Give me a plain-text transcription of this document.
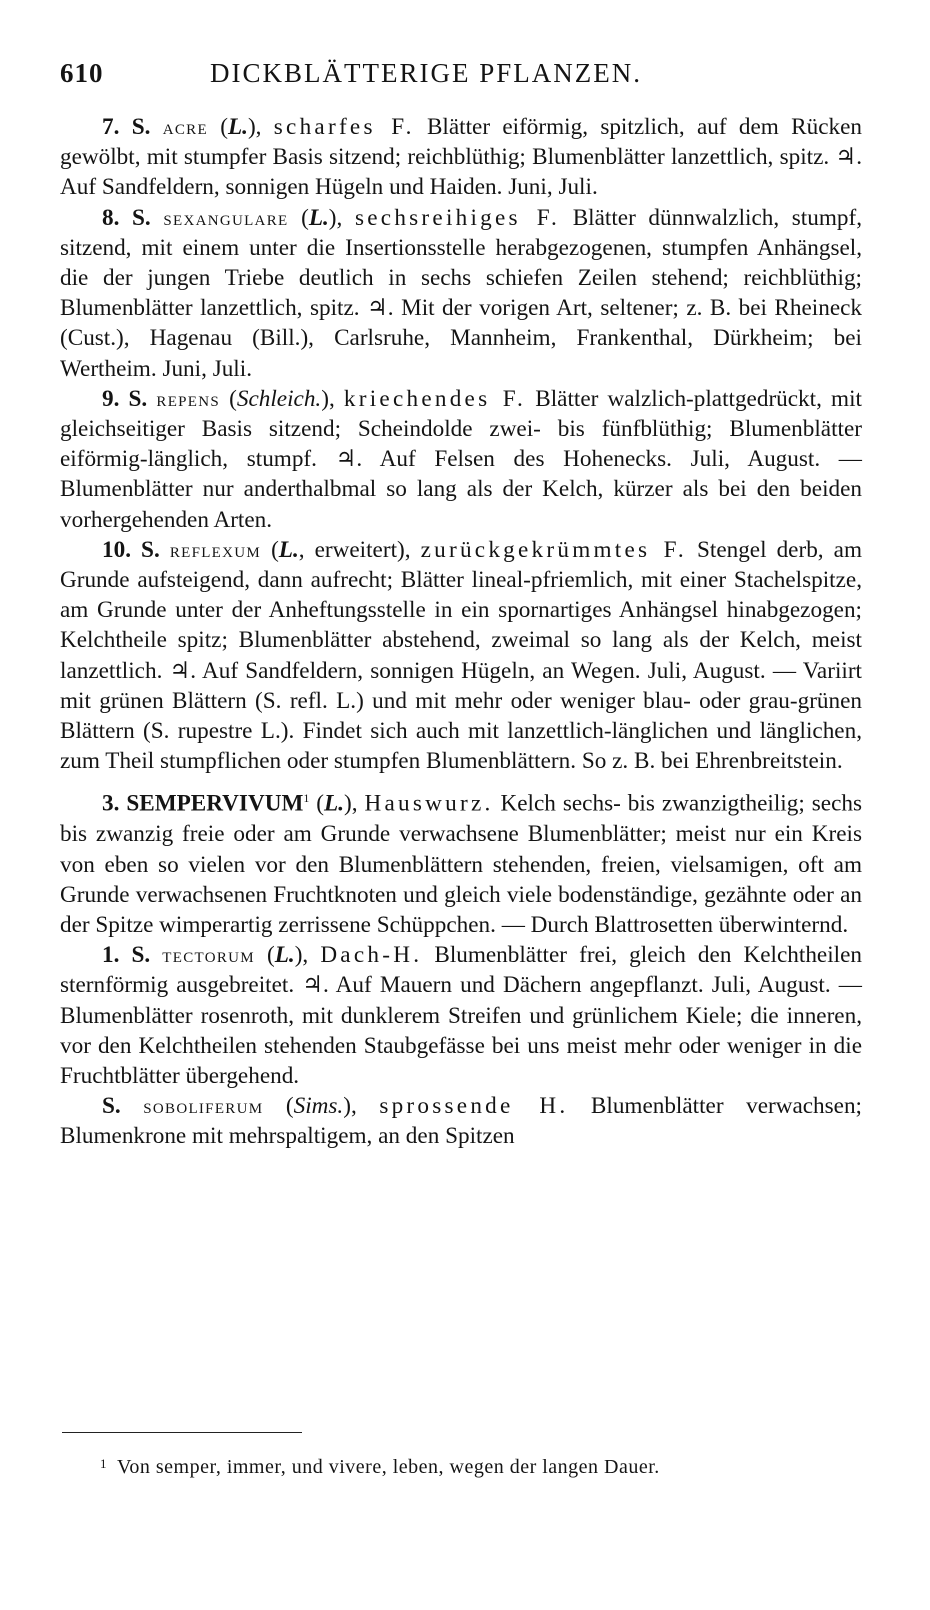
610	DICKBLÄTTERIGE PFLANZEN.

7. S. acre (L.), scharfes F. Blätter eiförmig, spitzlich, auf dem Rücken gewölbt, mit stumpfer Basis sitzend; reichblüthig; Blumenblätter lanzettlich, spitz. ♃. Auf Sandfeldern, sonnigen Hügeln und Haiden. Juni, Juli.

8. S. sexangulare (L.), sechsreihiges F. Blätter dünnwalzlich, stumpf, sitzend, mit einem unter die Insertionsstelle herabgezogenen, stumpfen Anhängsel, die der jungen Triebe deutlich in sechs schiefen Zeilen stehend; reichblüthig; Blumenblätter lanzettlich, spitz. ♃. Mit der vorigen Art, seltener; z. B. bei Rheineck (Cust.), Hagenau (Bill.), Carlsruhe, Mannheim, Frankenthal, Dürkheim; bei Wertheim. Juni, Juli.

9. S. repens (Schleich.), kriechendes F. Blätter walzlich-plattgedrückt, mit gleichseitiger Basis sitzend; Scheindolde zwei- bis fünfblüthig; Blumenblätter eiförmig-länglich, stumpf. ♃. Auf Felsen des Hohenecks. Juli, August. — Blumenblätter nur anderthalbmal so lang als der Kelch, kürzer als bei den beiden vorhergehenden Arten.

10. S. reflexum (L., erweitert), zurückgekrümmtes F. Stengel derb, am Grunde aufsteigend, dann aufrecht; Blätter lineal-pfriemlich, mit einer Stachelspitze, am Grunde unter der Anheftungsstelle in ein spornartiges Anhängsel hinabgezogen; Kelchtheile spitz; Blumenblätter abstehend, zweimal so lang als der Kelch, meist lanzettlich. ♃. Auf Sandfeldern, sonnigen Hügeln, an Wegen. Juli, August. — Variirt mit grünen Blättern (S. refl. L.) und mit mehr oder weniger blau- oder grau-grünen Blättern (S. rupestre L.). Findet sich auch mit lanzettlich-länglichen und länglichen, zum Theil stumpflichen oder stumpfen Blumenblättern. So z. B. bei Ehrenbreitstein.

3. SEMPERVIVUM$^1$ (L.), Hauswurz. Kelch sechs- bis zwanzigtheilig; sechs bis zwanzig freie oder am Grunde verwachsene Blumenblätter; meist nur ein Kreis von eben so vielen vor den Blumenblättern stehenden, freien, vielsamigen, oft am Grunde verwachsenen Fruchtknoten und gleich viele bodenständige, gezähnte oder an der Spitze wimperartig zerrissene Schüppchen. — Durch Blattrosetten überwinternd.

1. S. tectorum (L.), Dach-H. Blumenblätter frei, gleich den Kelchtheilen sternförmig ausgebreitet. ♃. Auf Mauern und Dächern angepflanzt. Juli, August. — Blumenblätter rosenroth, mit dunklerem Streifen und grünlichem Kiele; die inneren, vor den Kelchtheilen stehenden Staubgefässe bei uns meist mehr oder weniger in die Fruchtblätter übergehend.

S. soboliferum (Sims.), sprossende H. Blumenblätter verwachsen; Blumenkrone mit mehrspaltigem, an den Spitzen

$^1$ Von semper, immer, und vivere, leben, wegen der langen Dauer.
